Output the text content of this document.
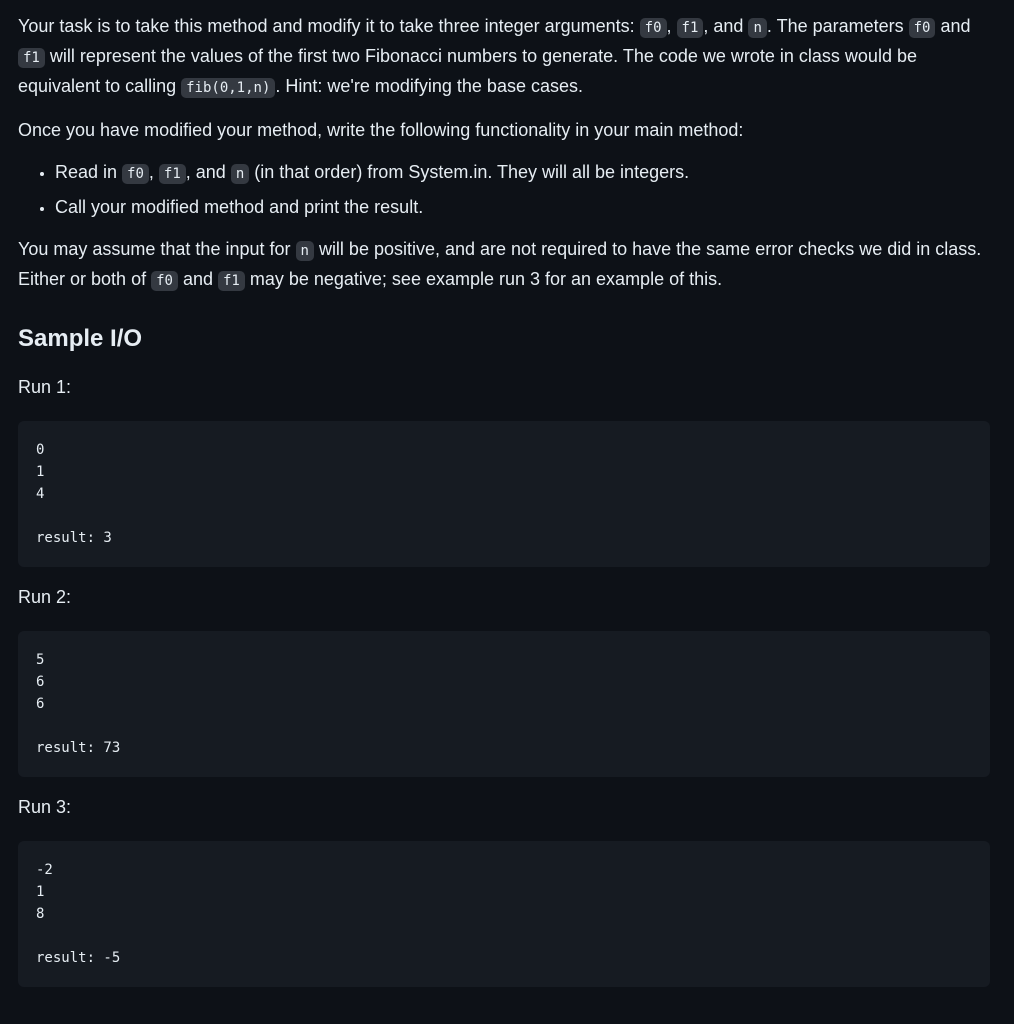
Your task is to take this method and modify it to take three integer arguments: f0 , f1 , and n . The parameters f0 and f1 will represent the values of the first two Fibonacci numbers to generate. The code we wrote in class would be equivalent to calling fib(0,1,n) . Hint: we're modifying the base cases.

Once you have modified your method, write the following functionality in your main method:

• Read in f0 , f1 , and n (in that order) from System.in. They will all be integers.
• Call your modified method and print the result.

You may assume that the input for n will be positive, and are not required to have the same error checks we did in class. Either or both of f0 and f1 may be negative; see example run 3 for an example of this.

Sample I/O

Run 1:

0
1
4
result: 3

Run 2:

5
6
6
result: 73

Run 3:

-2
1
8
result: -5
